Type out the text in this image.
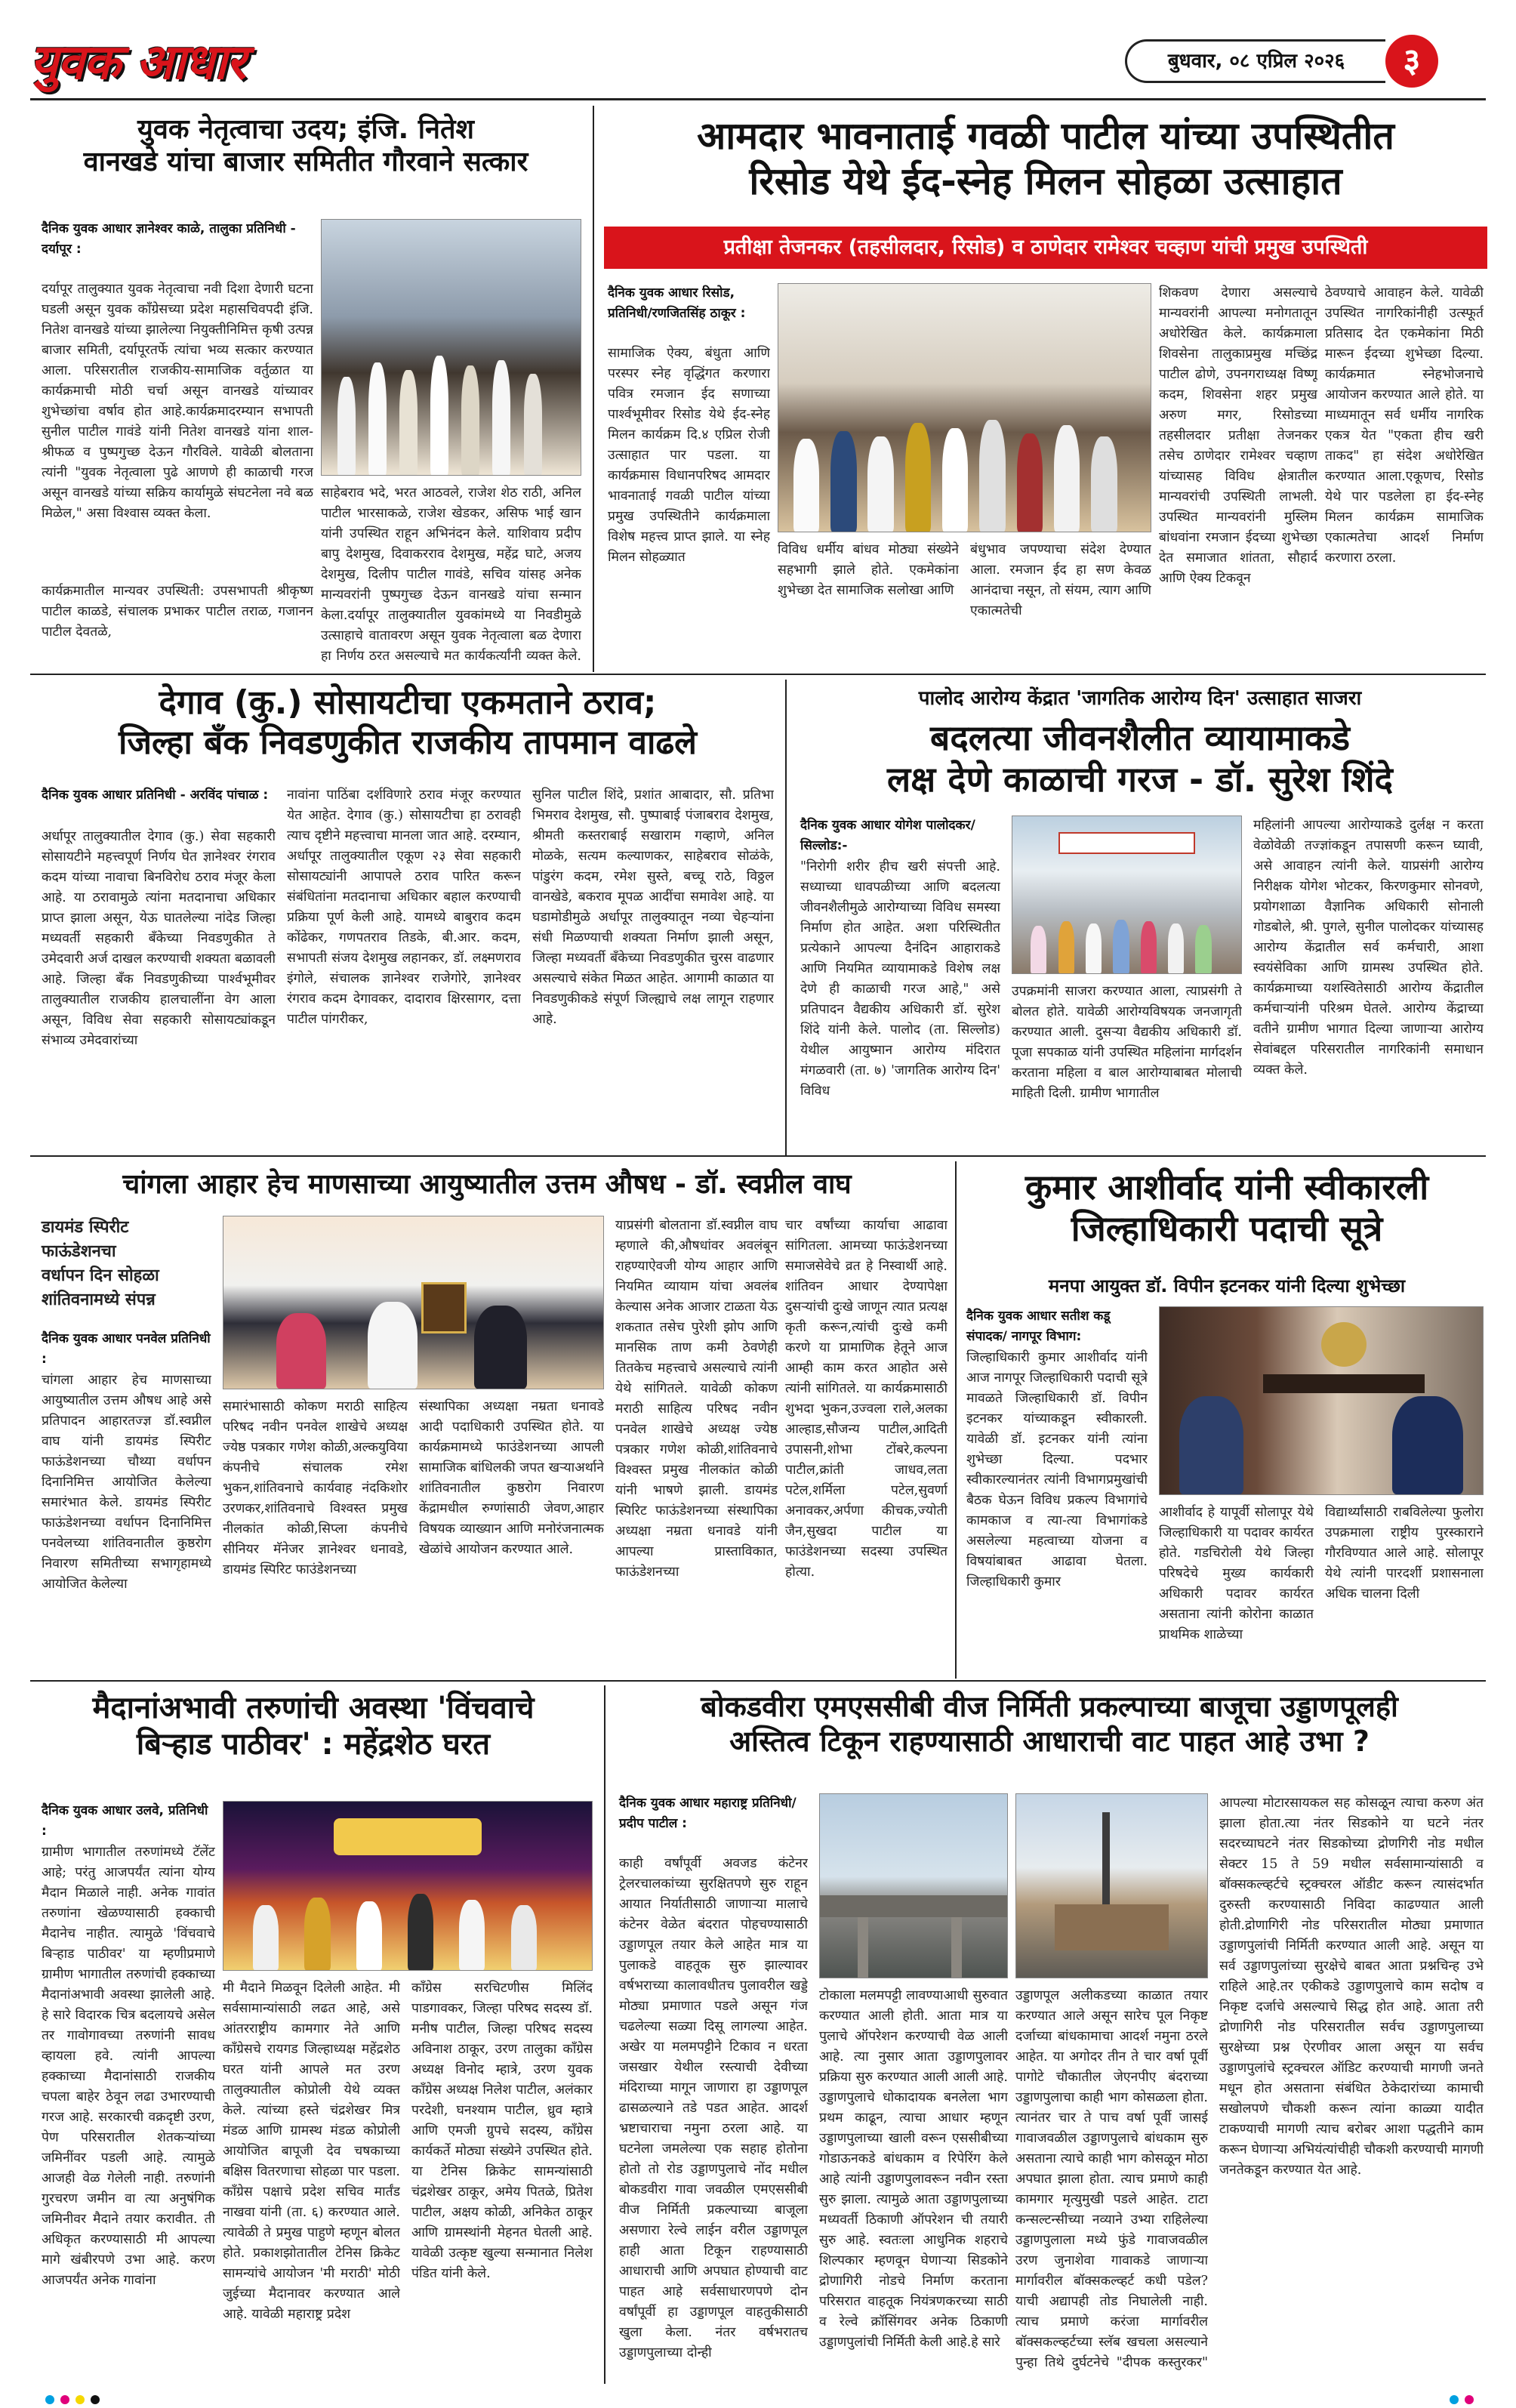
युवक आधार	बुधवार, ०८ एप्रिल २०२६	३
युवक नेतृत्वाचा उदय; इंजि. नितेश
वानखडे यांचा बाजार समितीत गौरवाने सत्कार
दैनिक युवक आधार ज्ञानेश्वर काळे, तालुका प्रतिनिधी - दर्यापूर :
दर्यापूर तालुक्यात युवक नेतृत्वाचा नवी दिशा देणारी घटना घडली असून युवक काँग्रेसच्या प्रदेश महासचिवपदी इंजि. नितेश वानखडे यांच्या झालेल्या नियुक्तीनिमित्त कृषी उत्पन्न बाजार समिती, दर्यापूरतर्फे त्यांचा भव्य सत्कार करण्यात आला. परिसरातील राजकीय-सामाजिक वर्तुळात या कार्यक्रमाची मोठी चर्चा असून वानखडे यांच्यावर शुभेच्छांचा वर्षाव होत आहे.कार्यक्रमादरम्यान सभापती सुनील पाटील गावंडे यांनी नितेश वानखडे यांना शाल-श्रीफळ व पुष्पगुच्छ देऊन गौरविले. यावेळी बोलताना त्यांनी "युवक नेतृत्वाला पुढे आणणे ही काळाची गरज असून वानखडे यांच्या सक्रिय कार्यामुळे संघटनेला नवे बळ मिळेल," असा विश्वास व्यक्त केला.
कार्यक्रमातील मान्यवर उपस्थिती: उपसभापती श्रीकृष्ण पाटील काळडे, संचालक प्रभाकर पाटील तराळ, गजानन पाटील देवतळे,
साहेबराव भदे, भरत आठवले, राजेश शेठ राठी, अनिल पाटील भारसाकळे, राजेश खेडकर, असिफ भाई खान यांनी उपस्थित राहून अभिनंदन केले. याशिवाय प्रदीप बापु देशमुख, दिवाकरराव देशमुख, महेंद्र घाटे, अजय देशमुख, दिलीप पाटील गावंडे, सचिव यांसह अनेक मान्यवरांनी पुष्पगुच्छ देऊन वानखडे यांचा सन्मान केला.दर्यापूर तालुक्यातील युवकांमध्ये या निवडीमुळे उत्साहाचे वातावरण असून युवक नेतृत्वाला बळ देणारा हा निर्णय ठरत असल्याचे मत कार्यकर्त्यांनी व्यक्त केले.
आमदार भावनाताई गवळी पाटील यांच्या उपस्थितीत
रिसोड येथे ईद-स्नेह मिलन सोहळा उत्साहात
प्रतीक्षा तेजनकर (तहसीलदार, रिसोड) व ठाणेदार रामेश्वर चव्हाण यांची प्रमुख उपस्थिती
दैनिक युवक आधार रिसोड, प्रतिनिधी/रणजितसिंह ठाकूर :
सामाजिक ऐक्य, बंधुता आणि परस्पर स्नेह वृद्धिंगत करणारा पवित्र रमजान ईद सणाच्या पार्श्वभूमीवर रिसोड येथे ईद-स्नेह मिलन कार्यक्रम दि.४ एप्रिल रोजी उत्साहात पार पडला. या कार्यक्रमास विधानपरिषद आमदार भावनाताई गवळी पाटील यांच्या प्रमुख उपस्थितीने कार्यक्रमाला विशेष महत्त्व प्राप्त झाले. या स्नेह मिलन सोहळ्यात	विविध धर्मीय बांधव मोठ्या संख्येने सहभागी झाले होते. एकमेकांना शुभेच्छा देत सामाजिक सलोखा आणि
बंधुभाव जपण्याचा संदेश देण्यात आला. रमजान ईद हा सण केवळ आनंदाचा नसून, तो संयम, त्याग आणि एकात्मतेची
शिकवण देणारा असल्याचे मान्यवरांनी आपल्या मनोगतातून अधोरेखित केले. कार्यक्रमाला शिवसेना तालुकाप्रमुख मच्छिंद्र पाटील ढोणे, उपनगराध्यक्ष विष्णू कदम, शिवसेना शहर प्रमुख अरुण मगर, रिसोडच्या तहसीलदार प्रतीक्षा तेजनकर तसेच ठाणेदार रामेश्वर चव्हाण यांच्यासह विविध क्षेत्रातील मान्यवरांची उपस्थिती लाभली. उपस्थित मान्यवरांनी मुस्लिम बांधवांना रमजान ईदच्या शुभेच्छा देत समाजात शांतता, सौहार्द आणि ऐक्य टिकवून
ठेवण्याचे आवाहन केले. यावेळी उपस्थित नागरिकांनीही उत्स्फूर्त प्रतिसाद देत एकमेकांना मिठी मारून ईदच्या शुभेच्छा दिल्या. कार्यक्रमात स्नेहभोजनाचे आयोजन करण्यात आले होते. या माध्यमातून सर्व धर्मीय नागरिक एकत्र येत "एकता हीच खरी ताकद" हा संदेश अधोरेखित करण्यात आला.एकूणच, रिसोड येथे पार पडलेला हा ईद-स्नेह मिलन कार्यक्रम सामाजिक एकात्मतेचा आदर्श निर्माण करणारा ठरला.
देगाव (कु.) सोसायटीचा एकमताने ठराव;
जिल्हा बँक निवडणुकीत राजकीय तापमान वाढले
दैनिक युवक आधार प्रतिनिधी - अरविंद पांचाळ :
अर्धापूर तालुक्यातील देगाव (कु.) सेवा सहकारी सोसायटीने महत्त्वपूर्ण निर्णय घेत ज्ञानेश्वर रंगराव कदम यांच्या नावाचा बिनविरोध ठराव मंजूर केला आहे. या ठरावामुळे त्यांना मतदानाचा अधिकार प्राप्त झाला असून, येऊ घातलेल्या नांदेड जिल्हा मध्यवर्ती सहकारी बँकेच्या निवडणुकीत ते उमेदवारी अर्ज दाखल करण्याची शक्यता बळावली आहे. जिल्हा बँक निवडणुकीच्या पार्श्वभूमीवर तालुक्यातील राजकीय हालचालींना वेग आला असून, विविध सेवा सहकारी सोसायट्यांकडून संभाव्य उमेदवारांच्या
नावांना पाठिंबा दर्शविणारे ठराव मंजूर करण्यात येत आहेत. देगाव (कु.) सोसायटीचा हा ठरावही त्याच दृष्टीने महत्त्वाचा मानला जात आहे. दरम्यान, अर्धापूर तालुक्यातील एकूण २३ सेवा सहकारी सोसायट्यांनी आपापले ठराव पारित करून संबंधितांना मतदानाचा अधिकार बहाल करण्याची प्रक्रिया पूर्ण केली आहे. यामध्ये बाबुराव कदम कोंढेकर, गणपतराव तिडके, बी.आर. कदम, सभापती संजय देशमुख लहानकर, डॉ. लक्ष्मणराव इंगोले, संचालक ज्ञानेश्वर राजेगोरे, ज्ञानेश्वर रंगराव कदम देगावकर, दादाराव क्षिरसागर, दत्ता पाटील पांगरीकर,
सुनिल पाटील शिंदे, प्रशांत आबादार, सौ. प्रतिभा भिमराव देशमुख, सौ. पुष्पाबाई पंजाबराव देशमुख, श्रीमती कस्तराबाई सखाराम गव्हाणे, अनिल मोळके, सत्यम कल्याणकर, साहेबराव सोळंके, पांडुरंग कदम, रमेश सुस्ते, बच्चू राठे, विठ्ठल वानखेडे, बकराव मूपळ आदींचा समावेश आहे. या घडामोडीमुळे अर्धापूर तालुक्यातून नव्या चेहऱ्यांना संधी मिळण्याची शक्यता निर्माण झाली असून, जिल्हा मध्यवर्ती बँकेच्या निवडणुकीत चुरस वाढणार असल्याचे संकेत मिळत आहेत. आगामी काळात या निवडणुकीकडे संपूर्ण जिल्ह्याचे लक्ष लागून राहणार आहे.
पालोद आरोग्य केंद्रात 'जागतिक आरोग्य दिन' उत्साहात साजरा
बदलत्या जीवनशैलीत व्यायामाकडे
लक्ष देणे काळाची गरज - डॉ. सुरेश शिंदे
दैनिक युवक आधार योगेश पालोदकर/सिल्लोड:-
"निरोगी शरीर हीच खरी संपत्ती आहे. सध्याच्या धावपळीच्या आणि बदलत्या जीवनशैलीमुळे आरोग्याच्या विविध समस्या निर्माण होत आहेत. अशा परिस्थितीत प्रत्येकाने आपल्या दैनंदिन आहाराकडे आणि नियमित व्यायामाकडे विशेष लक्ष देणे ही काळाची गरज आहे," असे प्रतिपादन वैद्यकीय अधिकारी डॉ. सुरेश शिंदे यांनी केले. पालोद (ता. सिल्लोड) येथील आयुष्मान आरोग्य मंदिरात मंगळवारी (ता. ७) 'जागतिक आरोग्य दिन' विविध
उपक्रमांनी साजरा करण्यात आला, त्याप्रसंगी ते बोलत होते. यावेळी आरोग्यविषयक जनजागृती करण्यात आली. दुसऱ्या वैद्यकीय अधिकारी डॉ. पूजा सपकाळ यांनी उपस्थित महिलांना मार्गदर्शन करताना महिला व बाल आरोग्याबाबत मोलाची माहिती दिली. ग्रामीण भागातील
महिलांनी आपल्या आरोग्याकडे दुर्लक्ष न करता वेळोवेळी तज्ज्ञांकडून तपासणी करून घ्यावी, असे आवाहन त्यांनी केले. याप्रसंगी आरोग्य निरीक्षक योगेश भोटकर, किरणकुमार सोनवणे, प्रयोगशाळा वैज्ञानिक अधिकारी सोनाली गोडबोले, श्री. पुगले, सुनील पालोदकर यांच्यासह आरोग्य केंद्रातील सर्व कर्मचारी, आशा स्वयंसेविका आणि ग्रामस्थ उपस्थित होते. कार्यक्रमाच्या यशस्वितेसाठी आरोग्य केंद्रातील कर्मचाऱ्यांनी परिश्रम घेतले. आरोग्य केंद्राच्या वतीने ग्रामीण भागात दिल्या जाणाऱ्या आरोग्य सेवांबद्दल परिसरातील नागरिकांनी समाधान व्यक्त केले.
चांगला आहार हेच माणसाच्या आयुष्यातील उत्तम औषध - डॉ. स्वप्नील वाघ
डायमंड स्पिरीट
फाऊंडेशनचा
वर्धापन दिन सोहळा
शांतिवनामध्ये संपन्न
दैनिक युवक आधार पनवेल प्रतिनिधी :
चांगला आहार हेच माणसाच्या आयुष्यातील उत्तम औषध आहे असे प्रतिपादन आहारतज्ज्ञ डॉ.स्वप्नील वाघ यांनी डायमंड स्पिरीट फाऊंडेशनच्या चौथ्या वर्धापन दिनानिमित्त आयोजित केलेल्या समारंभात केले. डायमंड स्पिरीट फाऊंडेशनच्या वर्धापन दिनानिमित्त पनवेलच्या शांतिवनातील कुष्ठरोग निवारण समितीच्या सभागृहामध्ये आयोजित केलेल्या
समारंभासाठी कोकण मराठी साहित्य परिषद नवीन पनवेल शाखेचे अध्यक्ष ज्येष्ठ पत्रकार गणेश कोळी,अल्कयुविया कंपनीचे संचालक रमेश भुकन,शांतिवनाचे कार्यवाह नंदकिशोर उरणकर,शांतिवनाचे विश्वस्त प्रमुख नीलकांत कोळी,सिप्ला कंपनीचे सीनियर मॅनेजर ज्ञानेश्वर धनावडे, डायमंड स्पिरिट फाउंडेशनच्या
संस्थापिका अध्यक्षा नम्रता धनावडे आदी पदाधिकारी उपस्थित होते. या कार्यक्रमामध्ये फाउंडेशनच्या आपली सामाजिक बांधिलकी जपत खऱ्याअर्थाने शांतिवनातील कुष्ठरोग निवारण केंद्रामधील रुग्णांसाठी जेवण,आहार विषयक व्याख्यान आणि मनोरंजनात्मक खेळांचे आयोजन करण्यात आले.
याप्रसंगी बोलताना डॉ.स्वप्नील वाघ म्हणाले की,औषधांवर अवलंबून राहण्याऐवजी योग्य आहार आणि नियमित व्यायाम यांचा अवलंब केल्यास अनेक आजार टाळता येऊ शकतात तसेच पुरेशी झोप आणि मानसिक ताण कमी ठेवणेही तितकेच महत्त्वाचे असल्याचे त्यांनी येथे सांगितले. यावेळी कोकण मराठी साहित्य परिषद नवीन पनवेल शाखेचे अध्यक्ष ज्येष्ठ पत्रकार गणेश कोळी,शांतिवनाचे विश्वस्त प्रमुख नीलकांत कोळी यांनी भाषणे झाली. डायमंड स्पिरिट फाऊंडेशनच्या संस्थापिका अध्यक्षा नम्रता धनावडे यांनी आपल्या प्रास्ताविकात, फाऊंडेशनच्या
चार वर्षांच्या कार्याचा आढावा सांगितला. आमच्या फाऊंडेशनच्या समाजसेवेचे व्रत हे निस्वार्थी आहे. शांतिवन आधार देण्यापेक्षा दुसऱ्यांची दुःखे जाणून त्यात प्रत्यक्ष कृती करून,त्यांची दुःखे कमी करणे या प्रामाणिक हेतूने आज आम्ही काम करत आहोत असे त्यांनी सांगितले. या कार्यक्रमासाठी शुभदा भुकन,उज्वला राले,अलका आल्हाड,सौजन्य पाटील,आदिती उपासनी,शोभा टोंबरे,कल्पना पाटील,क्रांती जाधव,लता पटेल,शर्मिला पटेल,सुवर्णा अनावकर,अर्पणा कीचक,ज्योती जैन,सुखदा पाटील या फाउंडेशनच्या सदस्या उपस्थित होत्या.
कुमार आशीर्वाद यांनी स्वीकारली
जिल्हाधिकारी पदाची सूत्रे
मनपा आयुक्त डॉ. विपीन इटनकर यांनी दिल्या शुभेच्छा
दैनिक युवक आधार सतीश कडू संपादक/ नागपूर विभाग:
जिल्हाधिकारी कुमार आशीर्वाद यांनी आज नागपूर जिल्हाधिकारी पदाची सूत्रे मावळते जिल्हाधिकारी डॉ. विपीन इटनकर यांच्याकडून स्वीकारली. यावेळी डॉ. इटनकर यांनी त्यांना शुभेच्छा दिल्या. पदभार स्वीकारल्यानंतर त्यांनी विभागप्रमुखांची बैठक घेऊन विविध प्रकल्प विभागांचे कामकाज व त्या-त्या विभागांकडे असलेल्या महत्वाच्या योजना व विषयांबाबत आढावा घेतला. जिल्हाधिकारी कुमार
आशीर्वाद हे यापूर्वी सोलापूर येथे जिल्हाधिकारी या पदावर कार्यरत होते. गडचिरोली येथे जिल्हा परिषदेचे मुख्य कार्यकारी अधिकारी पदावर कार्यरत असताना त्यांनी कोरोना काळात प्राथमिक शाळेच्या
विद्यार्थ्यांसाठी राबविलेल्या फुलोरा उपक्रमाला राष्ट्रीय पुरस्काराने गौरविण्यात आले आहे. सोलापूर येथे त्यांनी पारदर्शी प्रशासनाला अधिक चालना दिली
मैदानांअभावी तरुणांची अवस्था 'विंचवाचे
बिऱ्हाड पाठीवर' : महेंद्रशेठ घरत
दैनिक युवक आधार उलवे, प्रतिनिधी :
ग्रामीण भागातील तरुणांमध्ये टॅलेंट आहे; परंतु आजपर्यंत त्यांना योग्य मैदान मिळाले नाही. अनेक गावांत तरुणांना खेळण्यासाठी हक्काची मैदानेच नाहीत. त्यामुळे 'विंचवाचे बिऱ्हाड पाठीवर' या म्हणीप्रमाणे ग्रामीण भागातील तरुणांची हक्काच्या मैदानांअभावी अवस्था झालेली आहे. हे सारे विदारक चित्र बदलायचे असेल तर गावोगावच्या तरुणांनी सावध व्हायला हवे. त्यांनी आपल्या हक्काच्या मैदानांसाठी राजकीय चपला बाहेर ठेवून लढा उभारण्याची गरज आहे. सरकारची वक्रदृष्टी उरण, पेण परिसरातील शेतकऱ्यांच्या जमिनींवर पडली आहे. त्यामुळे आजही वेळ गेलेली नाही. तरुणांनी गुरचरण जमीन वा त्या अनुषंगिक जमिनीवर मैदाने तयार करावीत. ती अधिकृत करण्यासाठी मी आपल्या मागे खंबीरपणे उभा आहे. करण आजपर्यंत अनेक गावांना
मी मैदाने मिळवून दिलेली आहेत. मी सर्वसामान्यांसाठी लढत आहे, असे आंतरराष्ट्रीय कामगार नेते आणि काँग्रेसचे रायगड जिल्हाध्यक्ष महेंद्रशेठ घरत यांनी आपले मत उरण तालुक्यातील कोप्रोली येथे व्यक्त केले. त्यांच्या हस्ते चंद्रशेखर मित्र मंडळ आणि ग्रामस्थ मंडळ कोप्रोली आयोजित बापूजी देव चषकाच्या बक्षिस वितरणाचा सोहळा पार पडला. काँग्रेस पक्षाचे प्रदेश सचिव मार्तंड नाखवा यांनी (ता. ६) करण्यात आले. त्यावेळी ते प्रमुख पाहुणे म्हणून बोलत होते. प्रकाशझोतातील टेनिस क्रिकेट सामन्यांचे आयोजन 'मी मराठी' मोठी जुईच्या मैदानावर करण्यात आले आहे. यावेळी महाराष्ट्र प्रदेश
काँग्रेस सरचिटणीस मिलिंद पाडगावकर, जिल्हा परिषद सदस्य डॉ. मनीष पाटील, जिल्हा परिषद सदस्य अविनाश ठाकूर, उरण तालुका काँग्रेस अध्यक्ष विनोद म्हात्रे, उरण युवक काँग्रेस अध्यक्ष निलेश पाटील, अलंकार परदेशी, घनश्याम पाटील, ध्रुव म्हात्रे आणि एमजी ग्रुपचे सदस्य, काँग्रेस कार्यकर्ते मोठ्या संख्येने उपस्थित होते. या टेनिस क्रिकेट सामन्यांसाठी चंद्रशेखर ठाकूर, अमेय पितळे, प्रितेश पाटील, अक्षय कोळी, अनिकेत ठाकूर आणि ग्रामस्थांनी मेहनत घेतली आहे. यावेळी उत्कृष्ट खुल्या सन्मानात निलेश पंडित यांनी केले.
बोकडवीरा एमएससीबी वीज निर्मिती प्रकल्पाच्या बाजूचा उड्डाणपूलही
अस्तित्व टिकून राहण्यासाठी आधाराची वाट पाहत आहे उभा ?
दैनिक युवक आधार महाराष्ट्र प्रतिनिधी/प्रदीप पाटील :
काही वर्षांपूर्वी अवजड कंटेनर ट्रेलरचालकांच्या सुरक्षितपणे सुरु राहून आयात निर्यातीसाठी जाणाऱ्या मालाचे कंटेनर वेळेत बंदरात पोहचण्यासाठी उड्डाणपूल तयार केले आहेत मात्र या पुलाकडे वाहतूक सुरु झाल्यावर वर्षभराच्या कालावधीतच पुलावरील खड्डे मोठ्या प्रमाणात पडले असून गंज चढलेल्या सळ्या दिसू लागल्या आहेत. अखेर या मलमपट्टीने टिकाव न धरता जसखार येथील रस्त्याची देवीच्या मंदिराच्या मागून जाणारा हा उड्डाणपूल ढासळल्याने तडे पडत आहेत. आदर्श भ्रष्टाचाराचा नमुना ठरला आहे. या घटनेला जमलेल्या एक सहाह होतोना होतो तो रोड उड्डाणपुलाचे नोंद मधील बोकडवीरा गावा जवळील एमएससीबी वीज निर्मिती प्रकल्पाच्या बाजूला असणारा रेल्वे लाईन वरील उड्डाणपूल हाही आता टिकून राहण्यासाठी आधाराची आणि अपघात होण्याची वाट पाहत आहे सर्वसाधारणपणे दोन वर्षांपूर्वी हा उड्डाणपूल वाहतुकीसाठी खुला केला. नंतर वर्षभरातच उड्डाणपुलाच्या दोन्ही
टोकाला मलमपट्टी लावण्याआधी सुरुवात करण्यात आली होती. आता मात्र या पुलाचे ऑपरेशन करण्याची वेळ आली आहे. त्या नुसार आता उड्डाणपुलावर प्रक्रिया सुरु करण्यात आली आली आहे. उड्डाणपुलाचे धोकादायक बनलेला भाग प्रथम काढून, त्याचा आधार म्हणून उड्डाणपुलाच्या खाली वरून एससीबीच्या गोडाऊनकडे बांधकाम व रिपेरिंग केले आहे त्यांनी उड्डाणपुलावरून नवीन रस्ता सुरु झाला. त्यामुळे आता उड्डाणपुलाच्या मध्यवर्ती ठिकाणी ऑपरेशन ची तयारी सुरु आहे. स्वतःला आधुनिक शहराचे शिल्पकार म्हणवून घेणाऱ्या सिडकोने द्रोणागिरी नोडचे निर्माण करताना परिसरात वाहतूक नियंत्रणकरच्या साठी व रेल्वे क्रॉसिंगवर अनेक ठिकाणी उड्डाणपुलांची निर्मिती केली आहे.हे सारे
उड्डाणपूल अलीकडच्या काळात तयार करण्यात आले असून सारेच पूल निकृष्ट दर्जाच्या बांधकामाचा आदर्श नमुना ठरले आहेत. या अगोदर तीन ते चार वर्षा पूर्वी पागोटे चौकातील जेएनपीए बंदराच्या उड्डाणपुलाचा काही भाग कोसळला होता. त्यानंतर चार ते पाच वर्षा पूर्वी जासई गावाजवळील उड्डाणपुलाचे बांधकाम सुरु असताना त्याचे काही भाग कोसळून मोठा अपघात झाला होता. त्याच प्रमाणे काही कामगार मृत्युमुखी पडले आहेत. टाटा कन्सल्टन्सीच्या नव्याने उभ्या राहिलेल्या उड्डाणपुलाला मध्ये फुंडे गावाजवळील उरण जुनाशेवा गावाकडे जाणाऱ्या मार्गावरील बॉक्सकल्व्हर्ट कधी पडेल? याची अद्यापही तोड निघालेली नाही. त्याच प्रमाणे करंजा मार्गावरील बॉक्सकल्व्हर्टच्या स्लॅब खचला असल्याने पुन्हा तिथे दुर्घटनेचे "दीपक कस्तुरकर"
आपल्या मोटारसायकल सह कोसळून त्याचा करुण अंत झाला होता.त्या नंतर सिडकोने या घटने नंतर सदरच्याघटने नंतर सिडकोच्या द्रोणगिरी नोड मधील सेक्टर 15 ते 59 मधील सर्वसामान्यांसाठी व बॉक्सकल्व्हर्टचे स्ट्रक्चरल ऑडीट करून त्यासंदर्भात दुरुस्ती करण्यासाठी निविदा काढण्यात आली होती.द्रोणागिरी नोड परिसरातील मोठ्या प्रमाणात उड्डाणपुलांची निर्मिती करण्यात आली आहे. असून या सर्व उड्डाणपुलांच्या सुरक्षेचे बाबत आता प्रश्नचिन्ह उभे राहिले आहे.तर एकीकडे उड्डाणपुलाचे काम सदोष व निकृष्ट दर्जाचे असल्याचे सिद्ध होत आहे. आता तरी द्रोणागिरी नोड परिसरातील सर्वच उड्डाणपुलाच्या सुरक्षेच्या प्रश्न ऐरणीवर आला असून या सर्वच उड्डाणपुलांचे स्ट्रक्चरल ऑडिट करण्याची मागणी जनते मधून होत असताना संबंधित ठेकेदारांच्या कामाची सखोलपणे चौकशी करून त्यांना काळ्या यादीत टाकण्याची मागणी त्याच बरोबर आशा पद्धतीने काम करून घेणाऱ्या अभियंत्यांचीही चौकशी करण्याची मागणी जनतेकडून करण्यात येत आहे.
